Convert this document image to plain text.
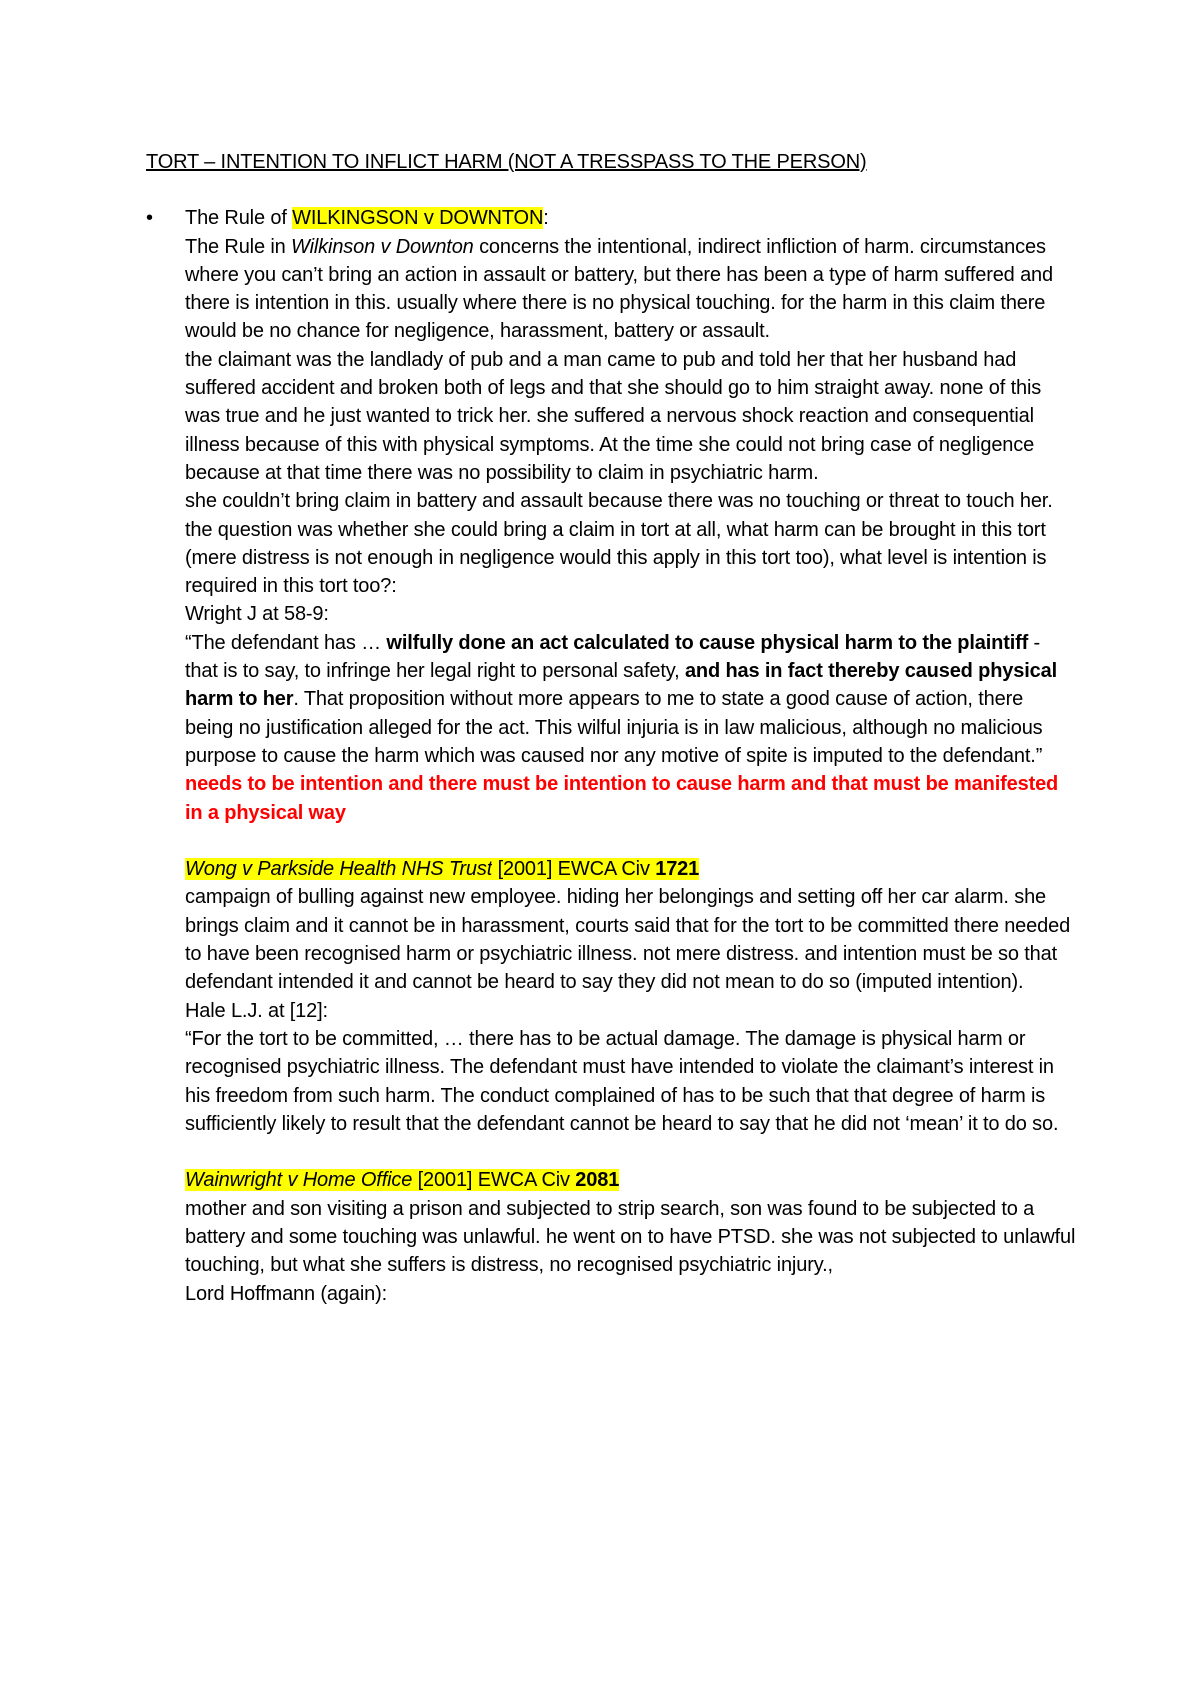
TORT – INTENTION TO INFLICT HARM (NOT A TRESSPASS TO THE PERSON)

• The Rule of WILKINGSON v DOWNTON:

The Rule in Wilkinson v Downton concerns the intentional, indirect infliction of harm. circumstances where you can’t bring an action in assault or battery, but there has been a type of harm suffered and there is intention in this. usually where there is no physical touching. for the harm in this claim there would be no chance for negligence, harassment, battery or assault.

the claimant was the landlady of pub and a man came to pub and told her that her husband had suffered accident and broken both of legs and that she should go to him straight away. none of this was true and he just wanted to trick her. she suffered a nervous shock reaction and consequential illness because of this with physical symptoms. At the time she could not bring case of negligence because at that time there was no possibility to claim in psychiatric harm.

she couldn’t bring claim in battery and assault because there was no touching or threat to touch her. the question was whether she could bring a claim in tort at all, what harm can be brought in this tort (mere distress is not enough in negligence would this apply in this tort too), what level is intention is required in this tort too?:

Wright J at 58-9:

“The defendant has … wilfully done an act calculated to cause physical harm to the plaintiff - that is to say, to infringe her legal right to personal safety, and has in fact thereby caused physical harm to her. That proposition without more appears to me to state a good cause of action, there being no justification alleged for the act. This wilful injuria is in law malicious, although no malicious purpose to cause the harm which was caused nor any motive of spite is imputed to the defendant.”

needs to be intention and there must be intention to cause harm and that must be manifested in a physical way

Wong v Parkside Health NHS Trust [2001] EWCA Civ 1721

campaign of bulling against new employee. hiding her belongings and setting off her car alarm. she brings claim and it cannot be in harassment, courts said that for the tort to be committed there needed to have been recognised harm or psychiatric illness. not mere distress. and intention must be so that defendant intended it and cannot be heard to say they did not mean to do so (imputed intention).

Hale L.J. at [12]:

“For the tort to be committed, … there has to be actual damage. The damage is physical harm or recognised psychiatric illness. The defendant must have intended to violate the claimant’s interest in his freedom from such harm. The conduct complained of has to be such that that degree of harm is sufficiently likely to result that the defendant cannot be heard to say that he did not ‘mean’ it to do so.

Wainwright v Home Office [2001] EWCA Civ 2081

mother and son visiting a prison and subjected to strip search, son was found to be subjected to a battery and some touching was unlawful. he went on to have PTSD. she was not subjected to unlawful touching, but what she suffers is distress, no recognised psychiatric injury.,

Lord Hoffmann (again):
